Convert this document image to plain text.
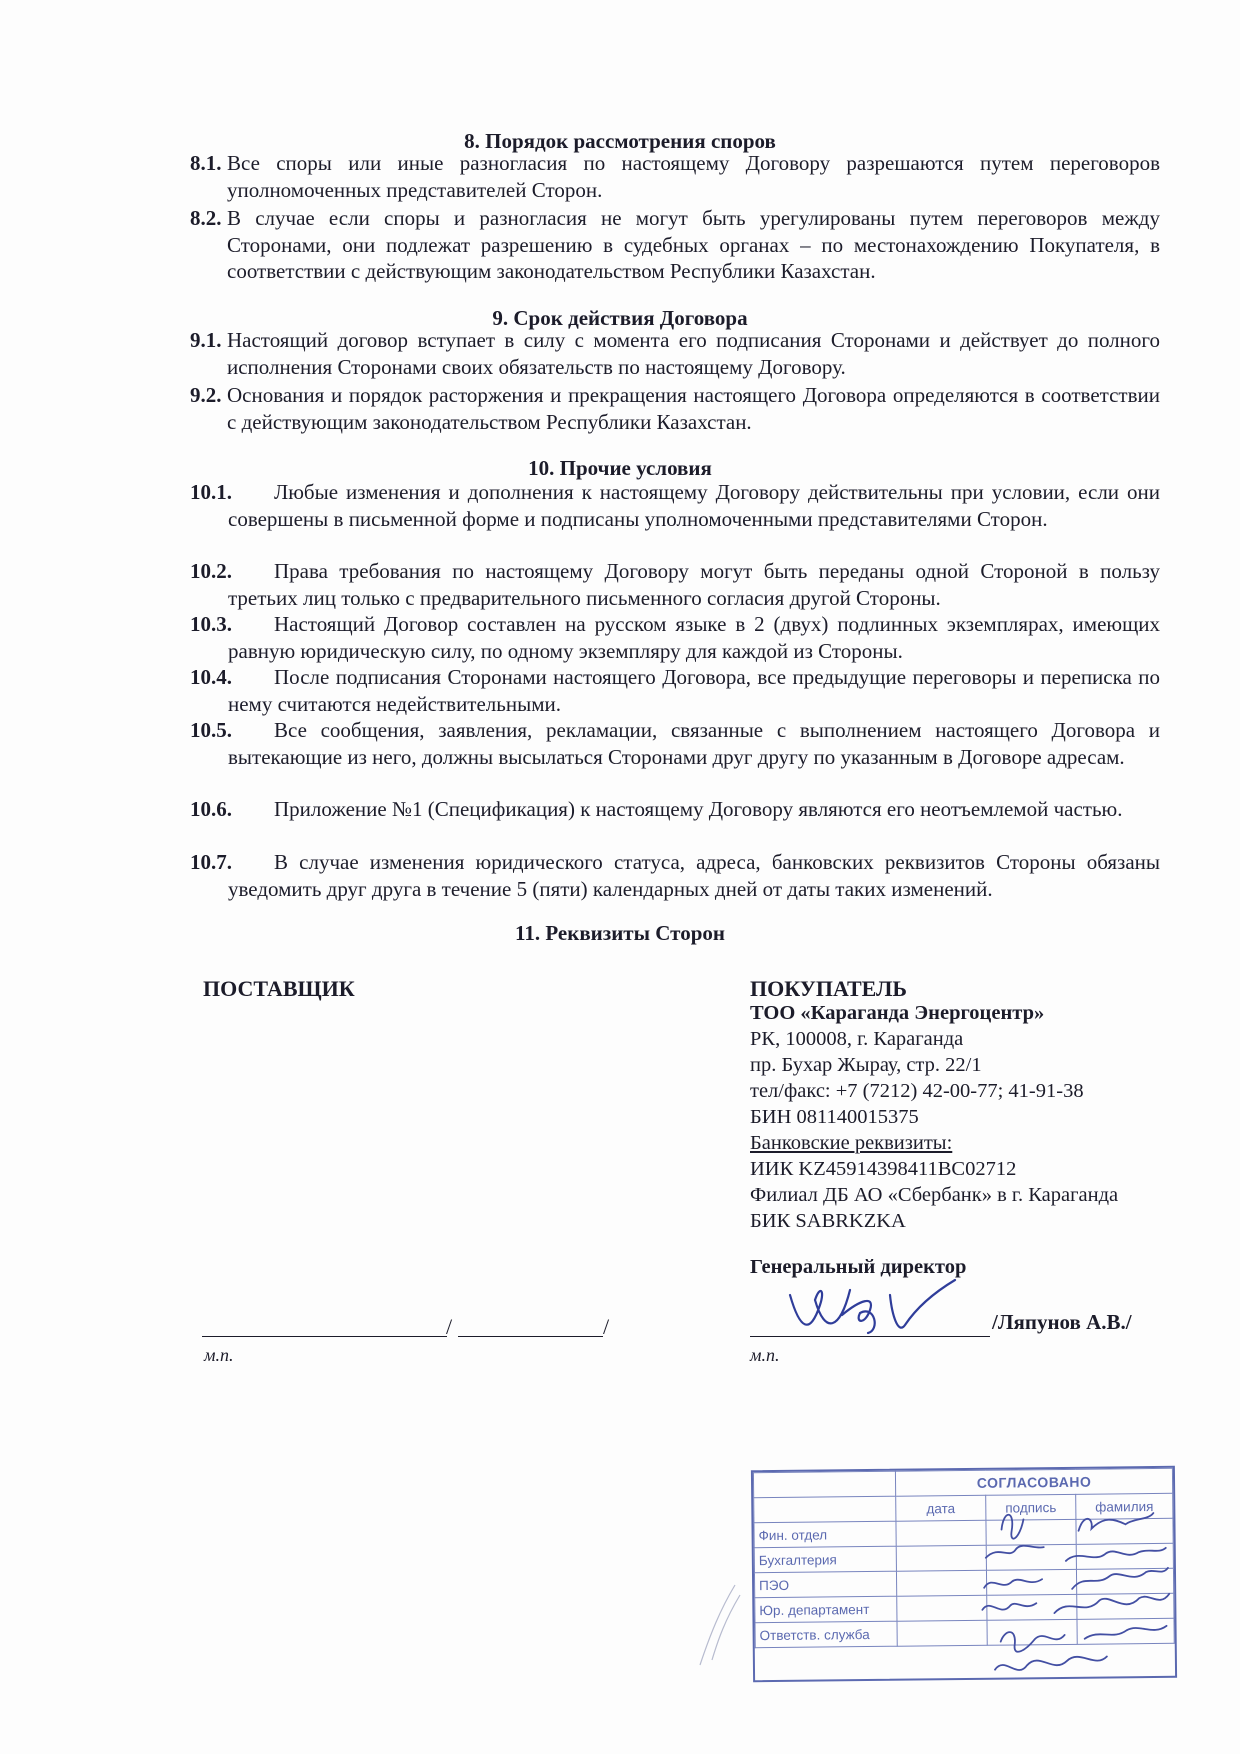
8. Порядок рассмотрения споров

8.1. Все споры или иные разногласия по настоящему Договору разрешаются путем переговоров уполномоченных представителей Сторон.

8.2. В случае если споры и разногласия не могут быть урегулированы путем переговоров между Сторонами, они подлежат разрешению в судебных органах – по местонахождению Покупателя, в соответствии с действующим законодательством Республики Казахстан.

9. Срок действия Договора

9.1. Настоящий договор вступает в силу с момента его подписания Сторонами и действует до полного исполнения Сторонами своих обязательств по настоящему Договору.

9.2. Основания и порядок расторжения и прекращения настоящего Договора определяются в соответствии с действующим законодательством Республики Казахстан.

10. Прочие условия

10.1.	Любые изменения и дополнения к настоящему Договору действительны при условии, если они совершены в письменной форме и подписаны уполномоченными представителями Сторон.

10.2.	Права требования по настоящему Договору могут быть переданы одной Стороной в пользу третьих лиц только с предварительного письменного согласия другой Стороны.

10.3.	Настоящий Договор составлен на русском языке в 2 (двух) подлинных экземплярах, имеющих равную юридическую силу, по одному экземпляру для каждой из Стороны.

10.4.	После подписания Сторонами настоящего Договора, все предыдущие переговоры и переписка по нему считаются недействительными.

10.5.	Все сообщения, заявления, рекламации, связанные с выполнением настоящего Договора и вытекающие из него, должны высылаться Сторонами друг другу по указанным в Договоре адресам.

10.6.	Приложение №1 (Спецификация) к настоящему Договору являются его неотъемлемой частью.

10.7.	В случае изменения юридического статуса, адреса, банковских реквизитов Стороны обязаны уведомить друг друга в течение 5 (пяти) календарных дней от даты таких изменений.

11. Реквизиты Сторон

ПОСТАВЩИК

/	/

м.п.

ПОКУПАТЕЛЬ

ТОО «Караганда Энергоцентр»

РК, 100008, г. Караганда

пр. Бухар Жырау, стр. 22/1

тел/факс: +7 (7212) 42-00-77; 41-91-38

БИН 081140015375

Банковские реквизиты:

ИИК KZ45914398411BC02712

Филиал ДБ АО «Сбербанк» в г. Караганда

БИК SABRKZKA

Генеральный директор

/Ляпунов А.В./

м.п.

	СОГЛАСОВАНО		
	дата	подпись	фамилия
Фин. отдел			
Бухгалтерия			
ПЭО			
Юр. департамент			
Ответств. служба			
